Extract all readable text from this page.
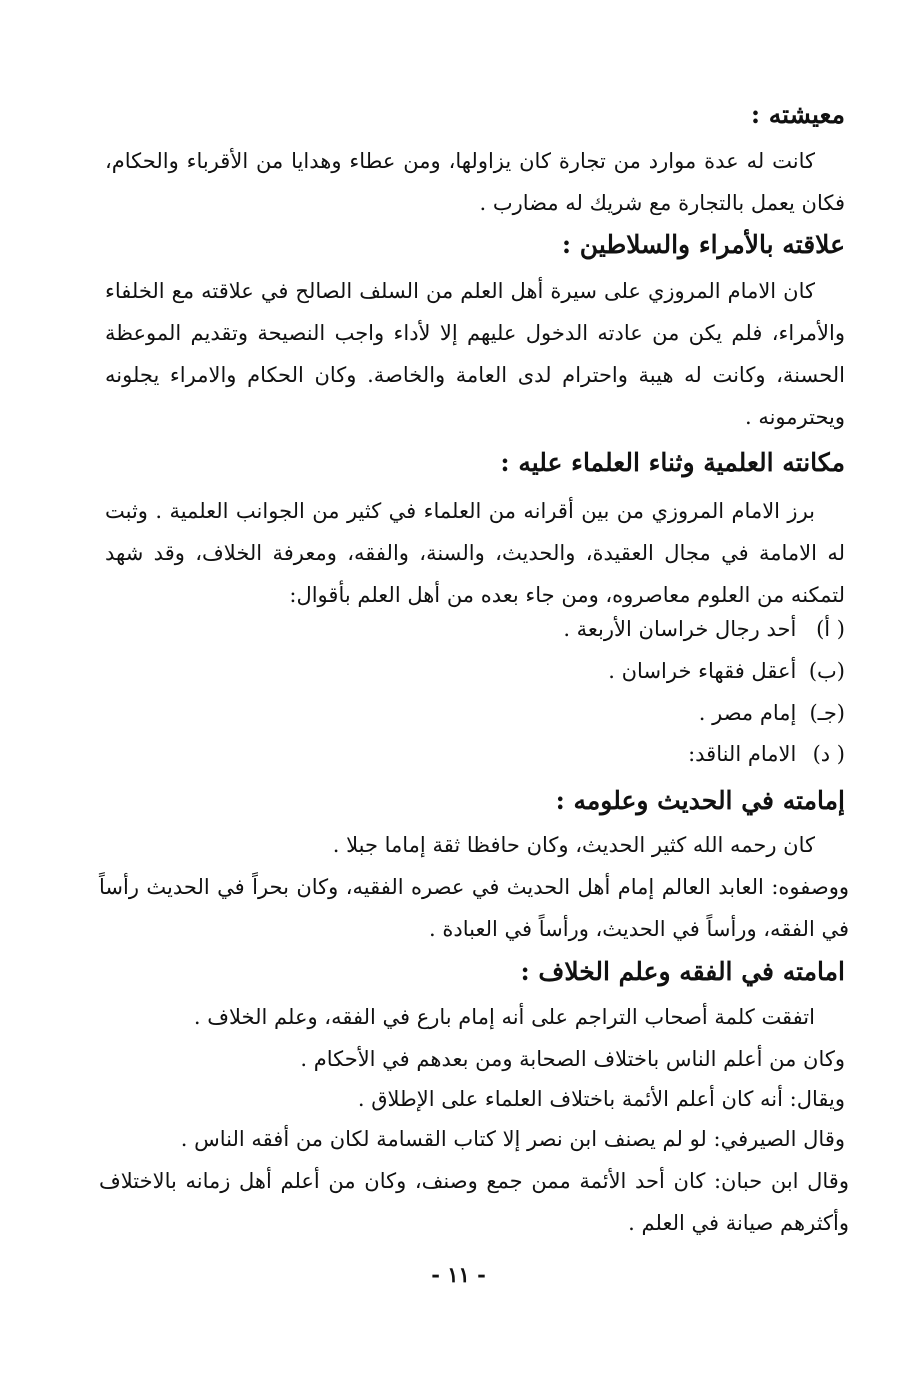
معيشته :
كانت له عدة موارد من تجارة كان يزاولها، ومن عطاء وهدايا من الأقرباء والحكام، فكان يعمل بالتجارة مع شريك له مضارب .
علاقته بالأمراء والسلاطين :
كان الامام المروزي على سيرة أهل العلم من السلف الصالح في علاقته مع الخلفاء والأمراء، فلم يكن من عادته الدخول عليهم إلا لأداء واجب النصيحة وتقديم الموعظة الحسنة، وكانت له هيبة واحترام لدى العامة والخاصة. وكان الحكام والامراء يجلونه ويحترمونه .
مكانته العلمية وثناء العلماء عليه :
برز الامام المروزي من بين أقرانه من العلماء في كثير من الجوانب العلمية . وثبت له الامامة في مجال العقيدة، والحديث، والسنة، والفقه، ومعرفة الخلاف، وقد شهد لتمكنه من العلوم معاصروه، ومن جاء بعده من أهل العلم بأقوال:
( أ) أحد رجال خراسان الأربعة .
(ب) أعقل فقهاء خراسان .
(جـ) إمام مصر .
( د) الامام الناقد:
إمامته في الحديث وعلومه :
كان رحمه الله كثير الحديث، وكان حافظا ثقة إماما جبلا .
ووصفوه: العابد العالم إمام أهل الحديث في عصره الفقيه، وكان بحراً في الحديث رأساً في الفقه، ورأساً في الحديث، ورأساً في العبادة .
امامته في الفقه وعلم الخلاف :
اتفقت كلمة أصحاب التراجم على أنه إمام بارع في الفقه، وعلم الخلاف .
وكان من أعلم الناس باختلاف الصحابة ومن بعدهم في الأحكام .
ويقال: أنه كان أعلم الأئمة باختلاف العلماء على الإطلاق .
وقال الصيرفي: لو لم يصنف ابن نصر إلا كتاب القسامة لكان من أفقه الناس .
وقال ابن حبان: كان أحد الأئمة ممن جمع وصنف، وكان من أعلم أهل زمانه بالاختلاف وأكثرهم صيانة في العلم .
- ١١ -
